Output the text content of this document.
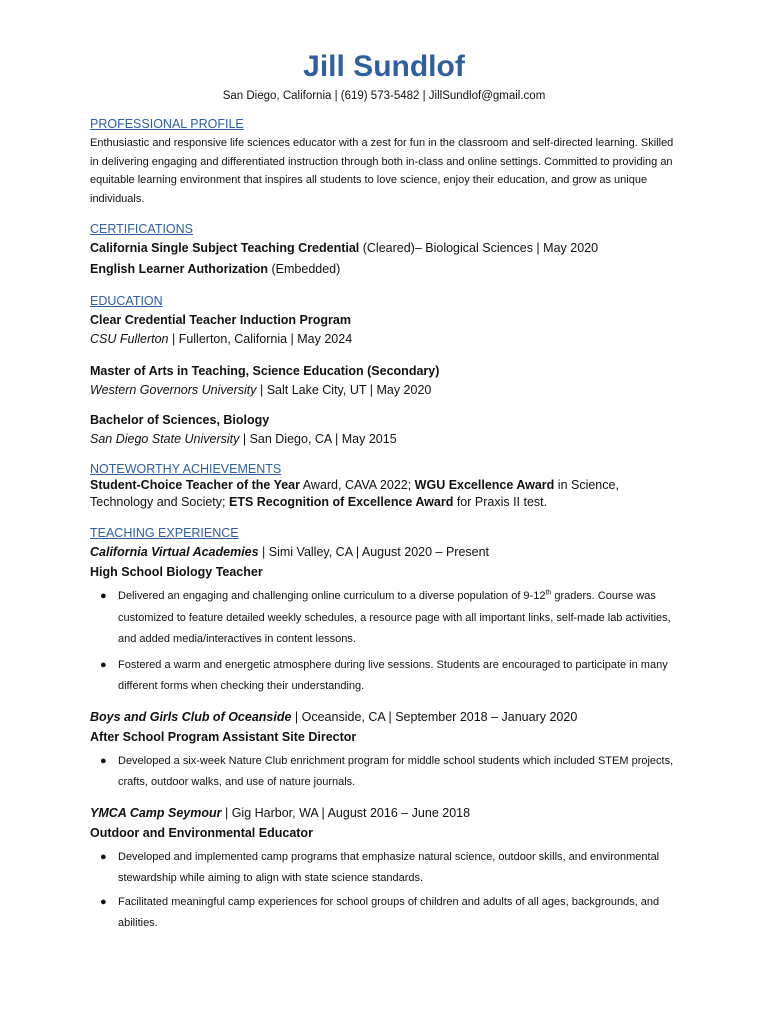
Jill Sundlof
San Diego, California | (619) 573-5482 | JillSundlof@gmail.com
PROFESSIONAL PROFILE

Enthusiastic and responsive life sciences educator with a zest for fun in the classroom and self-directed learning. Skilled in delivering engaging and differentiated instruction through both in-class and online settings. Committed to providing an equitable learning environment that inspires all students to love science, enjoy their education, and grow as unique individuals.

CERTIFICATIONS

California Single Subject Teaching Credential (Cleared)– Biological Sciences | May 2020

English Learner Authorization (Embedded)

EDUCATION

Clear Credential Teacher Induction Program

CSU Fullerton | Fullerton, California | May 2024

Master of Arts in Teaching, Science Education (Secondary)

Western Governors University | Salt Lake City, UT | May 2020

Bachelor of Sciences, Biology

San Diego State University | San Diego, CA | May 2015

NOTEWORTHY ACHIEVEMENTS

Student-Choice Teacher of the Year Award, CAVA 2022; WGU Excellence Award in Science, Technology and Society; ETS Recognition of Excellence Award for Praxis II test.

TEACHING EXPERIENCE

California Virtual Academies | Simi Valley, CA | August 2020 – Present

High School Biology Teacher

● Delivered an engaging and challenging online curriculum to a diverse population of 9-12th graders. Course was customized to feature detailed weekly schedules, a resource page with all important links, self-made lab activities, and added media/interactives in content lessons.
● Fostered a warm and energetic atmosphere during live sessions. Students are encouraged to participate in many different forms when checking their understanding.

Boys and Girls Club of Oceanside | Oceanside, CA | September 2018 – January 2020

After School Program Assistant Site Director

● Developed a six-week Nature Club enrichment program for middle school students which included STEM projects, crafts, outdoor walks, and use of nature journals.

YMCA Camp Seymour | Gig Harbor, WA | August 2016 – June 2018

Outdoor and Environmental Educator

● Developed and implemented camp programs that emphasize natural science, outdoor skills, and environmental stewardship while aiming to align with state science standards.
● Facilitated meaningful camp experiences for school groups of children and adults of all ages, backgrounds, and abilities.
